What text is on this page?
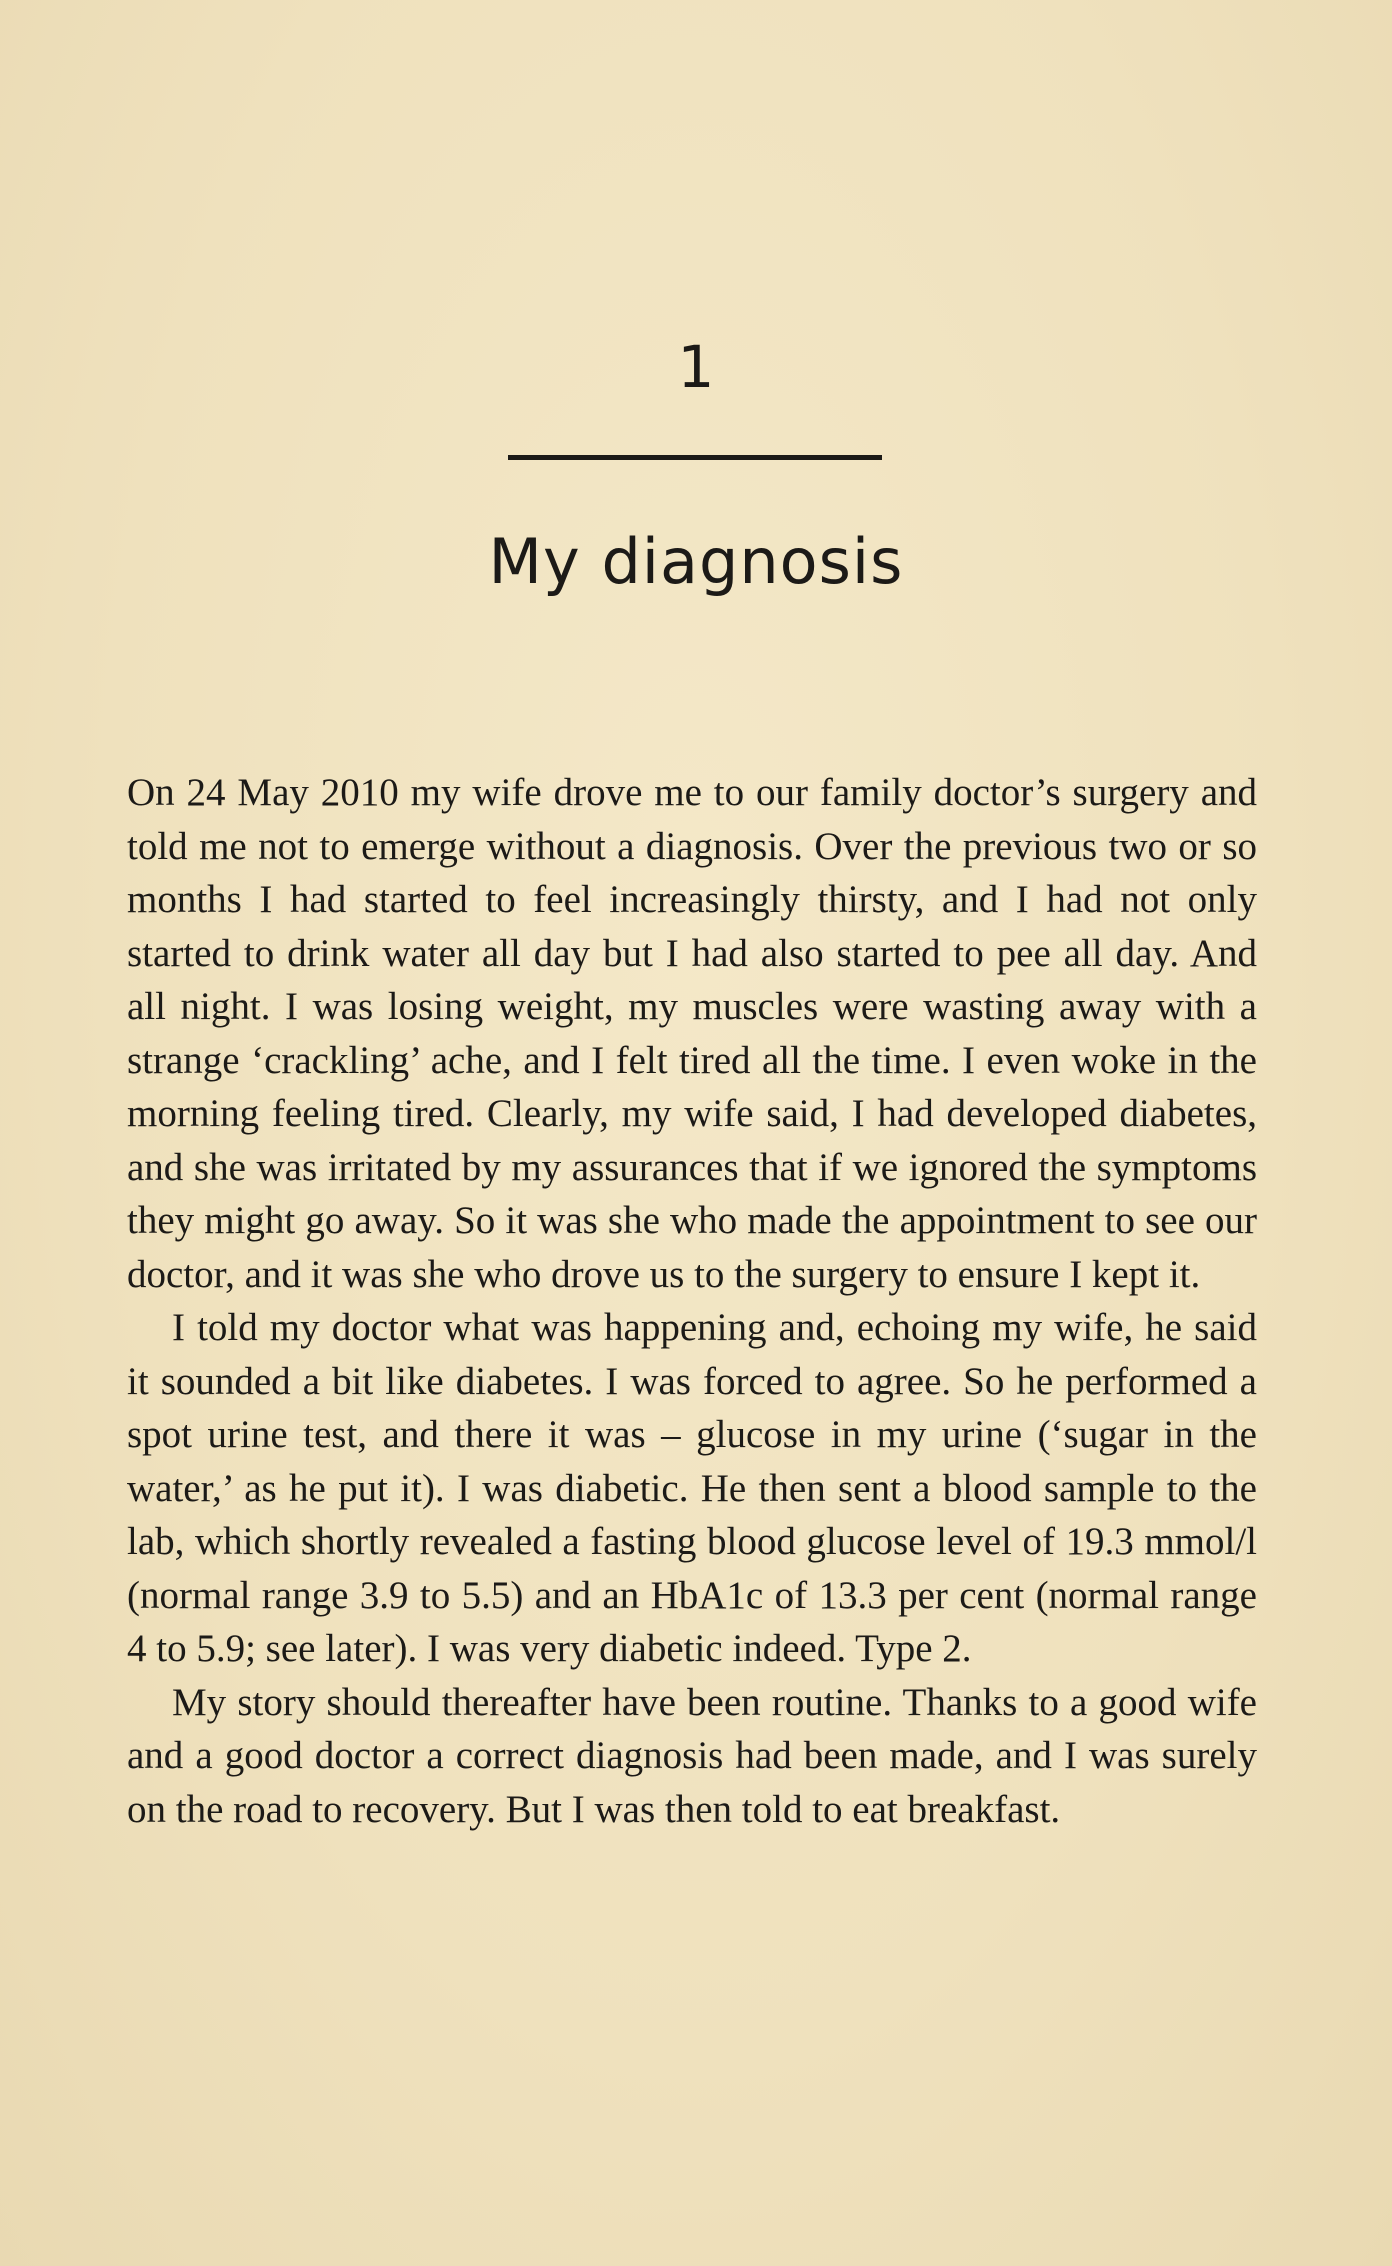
1
My diagnosis

On 24 May 2010 my wife drove me to our family doctor’s surgery and told me not to emerge without a diagnosis. Over the previous two or so months I had started to feel increasingly thirsty, and I had not only started to drink water all day but I had also started to pee all day. And all night. I was losing weight, my muscles were wasting away with a strange ‘crackling’ ache, and I felt tired all the time. I even woke in the morning feeling tired. Clearly, my wife said, I had developed diabetes, and she was irritated by my assurances that if we ignored the symptoms they might go away. So it was she who made the appointment to see our doctor, and it was she who drove us to the surgery to ensure I kept it.

I told my doctor what was happening and, echoing my wife, he said it sounded a bit like diabetes. I was forced to agree. So he performed a spot urine test, and there it was – glucose in my urine (‘sugar in the water,’ as he put it). I was diabetic. He then sent a blood sample to the lab, which shortly revealed a fasting blood glucose level of 19.3 mmol/l (normal range 3.9 to 5.5) and an HbA1c of 13.3 per cent (normal range 4 to 5.9; see later). I was very diabetic indeed. Type 2.

My story should thereafter have been routine. Thanks to a good wife and a good doctor a correct diagnosis had been made, and I was surely on the road to recovery. But I was then told to eat breakfast.
